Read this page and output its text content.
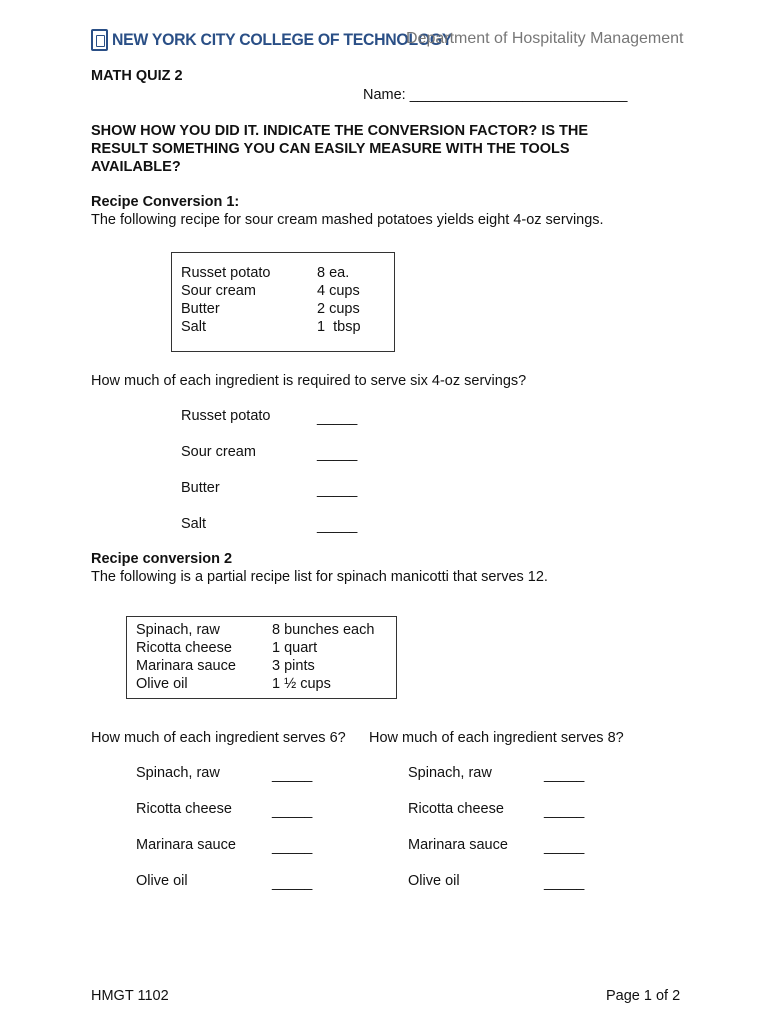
NEW YORK CITY COLLEGE OF TECHNOLOGY
Department of Hospitality Management
MATH QUIZ 2
Name: ___________________________
SHOW HOW YOU DID IT. INDICATE THE CONVERSION FACTOR? IS THE
RESULT SOMETHING YOU CAN EASILY MEASURE WITH THE TOOLS
AVAILABLE?
Recipe Conversion 1:
The following recipe for sour cream mashed potatoes yields eight 4-oz servings.
Russet potato	8 ea.
Sour cream	4 cups
Butter	2 cups
Salt	1  tbsp
How much of each ingredient is required to serve six 4-oz servings?
Russet potato	_____
Sour cream	_____
Butter	_____
Salt	_____
Recipe conversion 2
The following is a partial recipe list for spinach manicotti that serves 12.
Spinach, raw	8 bunches each
Ricotta cheese	1 quart
Marinara sauce 3 pints
Olive oil	1 ½ cups
How much of each ingredient serves 6? How much of each ingredient serves 8?
Spinach, raw	_____
Ricotta cheese	_____
Marinara sauce _____
Olive oil	_____
Spinach, raw	_____
Ricotta cheese	_____
Marinara sauce _____
Olive oil	_____
HMGT 1102	Page 1 of 2
